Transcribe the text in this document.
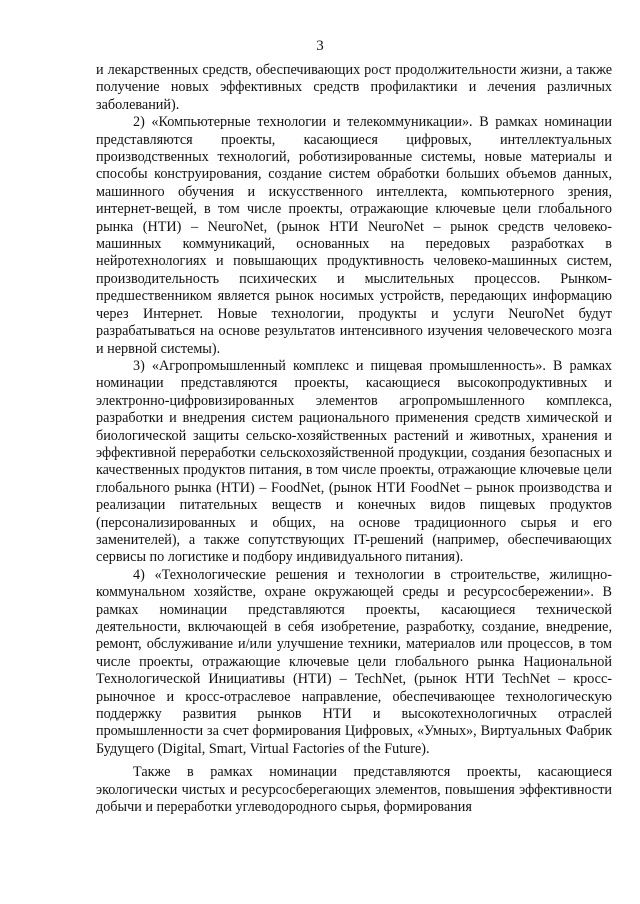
3

и лекарственных средств, обеспечивающих рост продолжительности жизни, а также получение новых эффективных средств профилактики и лечения различных заболеваний).

2) «Компьютерные технологии и телекоммуникации». В рамках номинации представляются проекты, касающиеся цифровых, интеллектуальных производственных технологий, роботизированные системы, новые материалы и способы конструирования, создание систем обработки больших объемов данных, машинного обучения и искусственного интеллекта, компьютерного зрения, интернет-вещей, в том числе проекты, отражающие ключевые цели глобального рынка (НТИ) – NeuroNet, (рынок НТИ NeuroNet – рынок средств человеко-машинных коммуникаций, основанных на передовых разработках в нейротехнологиях и повышающих продуктивность человеко-машинных систем, производительность психических и мыслительных процессов. Рынком-предшественником является рынок носимых устройств, передающих информацию через Интернет. Новые технологии, продукты и услуги NeuroNet будут разрабатываться на основе результатов интенсивного изучения человеческого мозга и нервной системы).

3) «Агропромышленный комплекс и пищевая промышленность». В рамках номинации представляются проекты, касающиеся высокопродуктивных и электронно-цифровизированных элементов агропромышленного комплекса, разработки и внедрения систем рационального применения средств химической и биологической защиты сельско-хозяйственных растений и животных, хранения и эффективной переработки сельскохозяйственной продукции, создания безопасных и качественных продуктов питания, в том числе проекты, отражающие ключевые цели глобального рынка (НТИ) – FoodNet, (рынок НТИ FoodNet – рынок производства и реализации питательных веществ и конечных видов пищевых продуктов (персонализированных и общих, на основе традиционного сырья и его заменителей), а также сопутствующих IT-решений (например, обеспечивающих сервисы по логистике и подбору индивидуального питания).

4) «Технологические решения и технологии в строительстве, жилищно-коммунальном хозяйстве, охране окружающей среды и ресурсосбережении». В рамках номинации представляются проекты, касающиеся технической деятельности, включающей в себя изобретение, разработку, создание, внедрение, ремонт, обслуживание и/или улучшение техники, материалов или процессов, в том числе проекты, отражающие ключевые цели глобального рынка Национальной Технологической Инициативы (НТИ) – TechNet, (рынок НТИ TechNet – кросс-рыночное и кросс-отраслевое направление, обеспечивающее технологическую поддержку развития рынков НТИ и высокотехнологичных отраслей промышленности за счет формирования Цифровых, «Умных», Виртуальных Фабрик Будущего (Digital, Smart, Virtual Factories of the Future).

Также в рамках номинации представляются проекты, касающиеся экологически чистых и ресурсосберегающих элементов, повышения эффективности добычи и переработки углеводородного сырья, формирования
